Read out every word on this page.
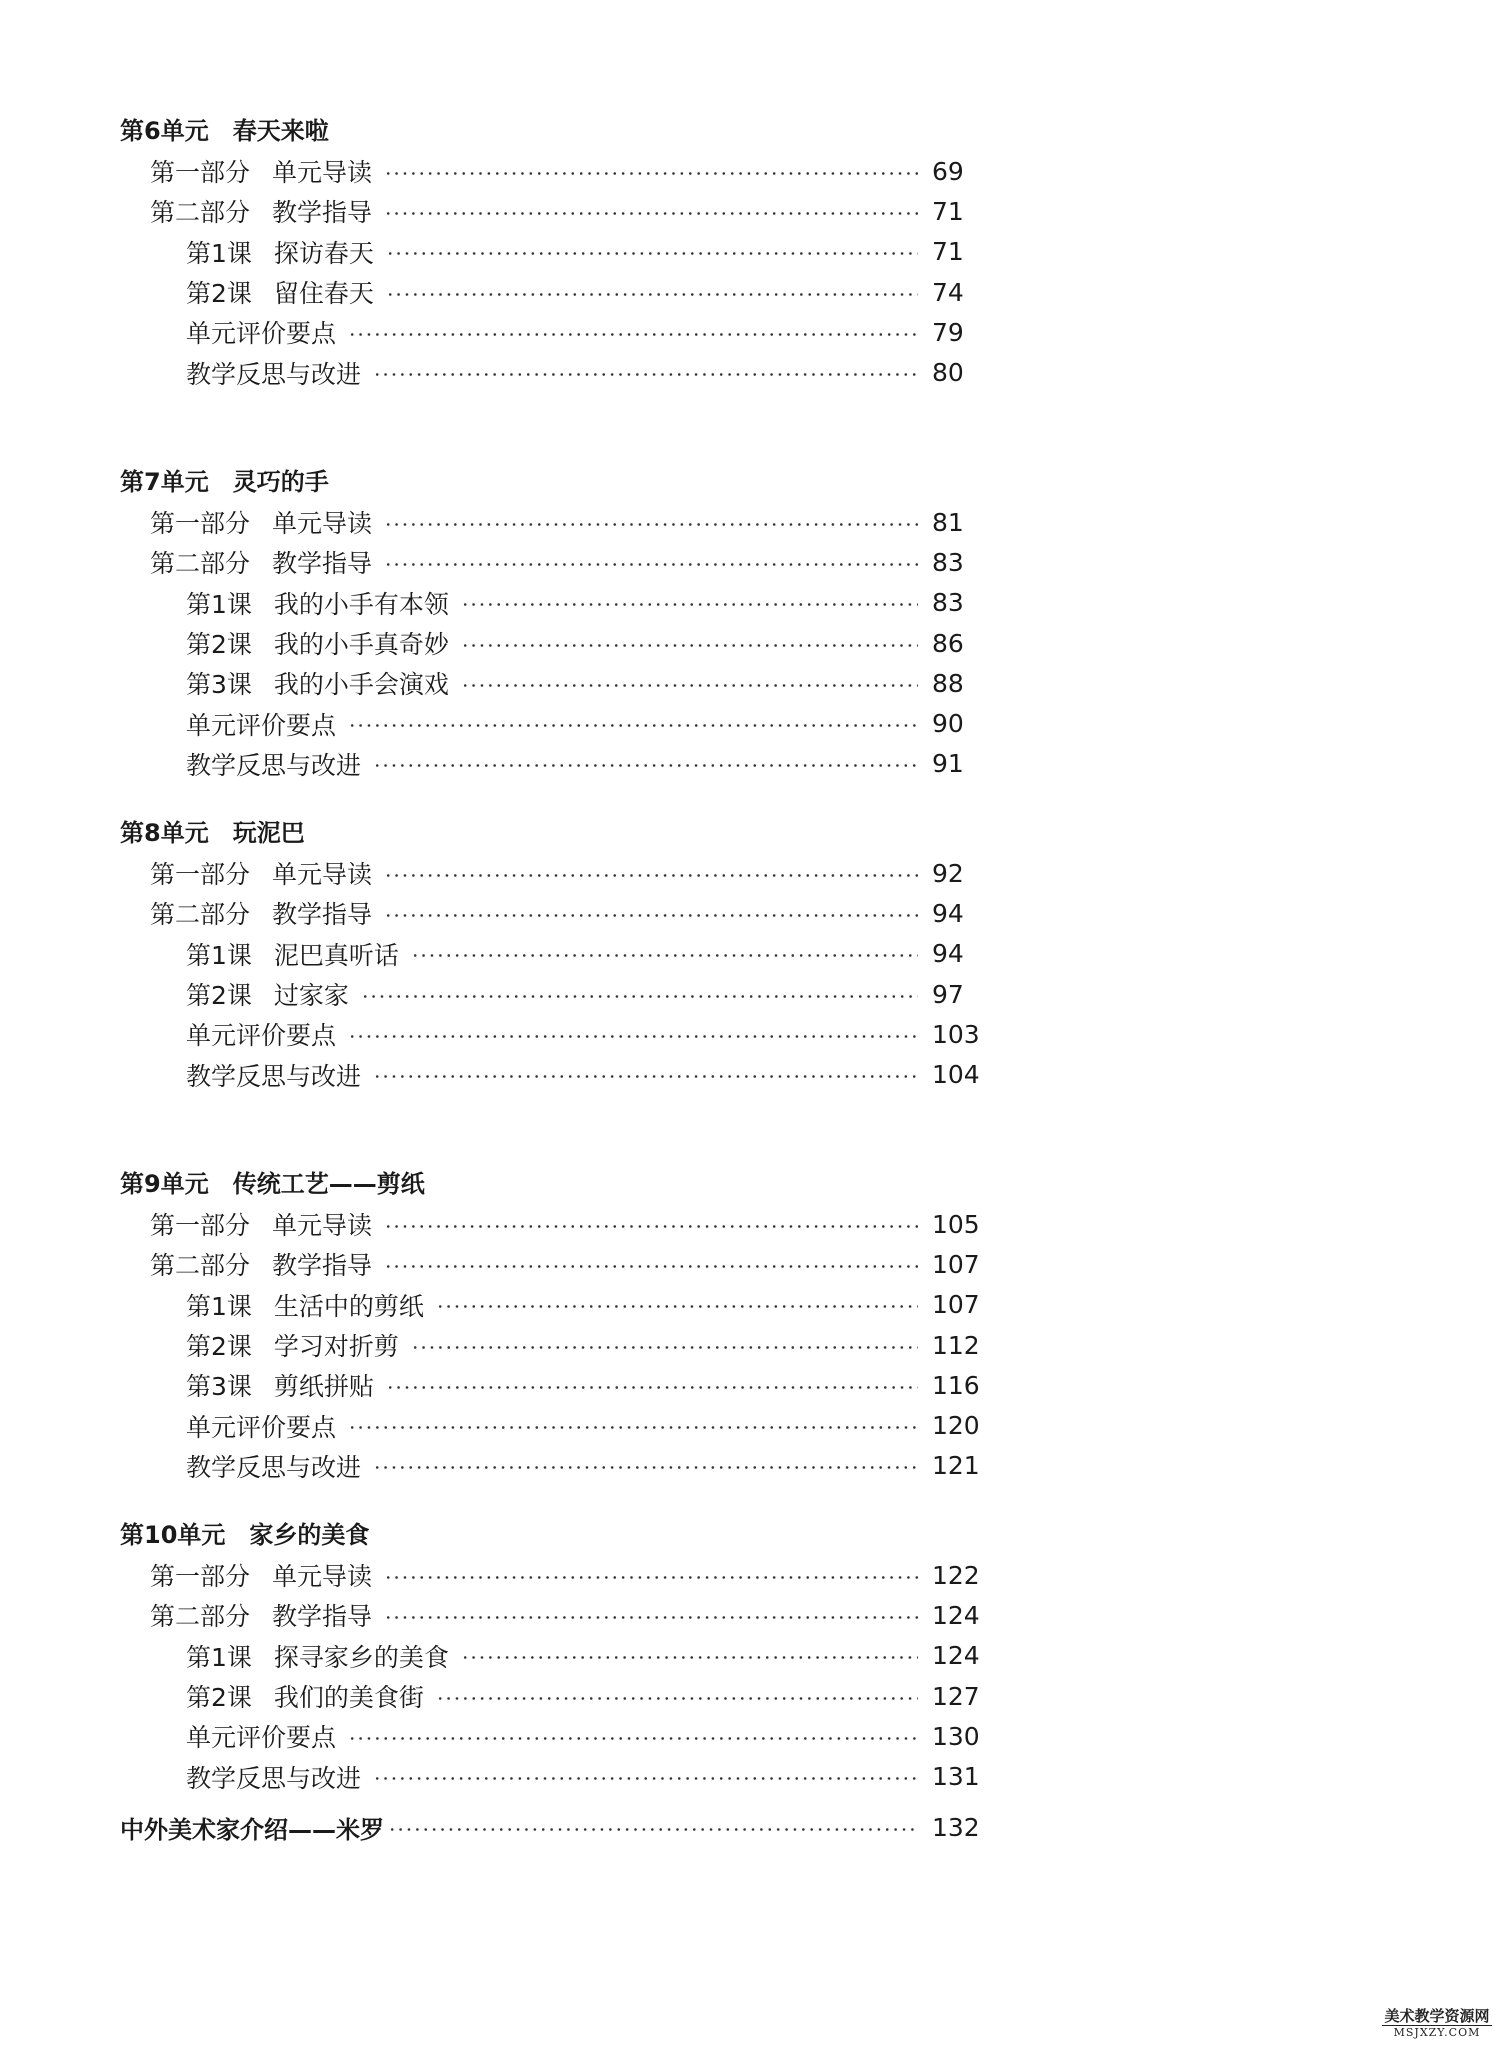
第6单元　春天来啦
第一部分 单元导读	69
第二部分 教学指导	71
第1课 探访春天	71
第2课 留住春天	74
单元评价要点	79
教学反思与改进	80
第7单元　灵巧的手
第一部分 单元导读	81
第二部分 教学指导	83
第1课 我的小手有本领	83
第2课 我的小手真奇妙	86
第3课 我的小手会演戏	88
单元评价要点	90
教学反思与改进	91
第8单元　玩泥巴
第一部分 单元导读	92
第二部分 教学指导	94
第1课 泥巴真听话	94
第2课 过家家	97
单元评价要点	103
教学反思与改进	104
第9单元　传统工艺——剪纸
第一部分 单元导读	105
第二部分 教学指导	107
第1课 生活中的剪纸	107
第2课 学习对折剪	112
第3课 剪纸拼贴	116
单元评价要点	120
教学反思与改进	121
第10单元　家乡的美食
第一部分 单元导读	122
第二部分 教学指导	124
第1课 探寻家乡的美食	124
第2课 我们的美食街	127
单元评价要点	130
教学反思与改进	131
中外美术家介绍——米罗	132
美术教学资源网
MSJXZY.COM
